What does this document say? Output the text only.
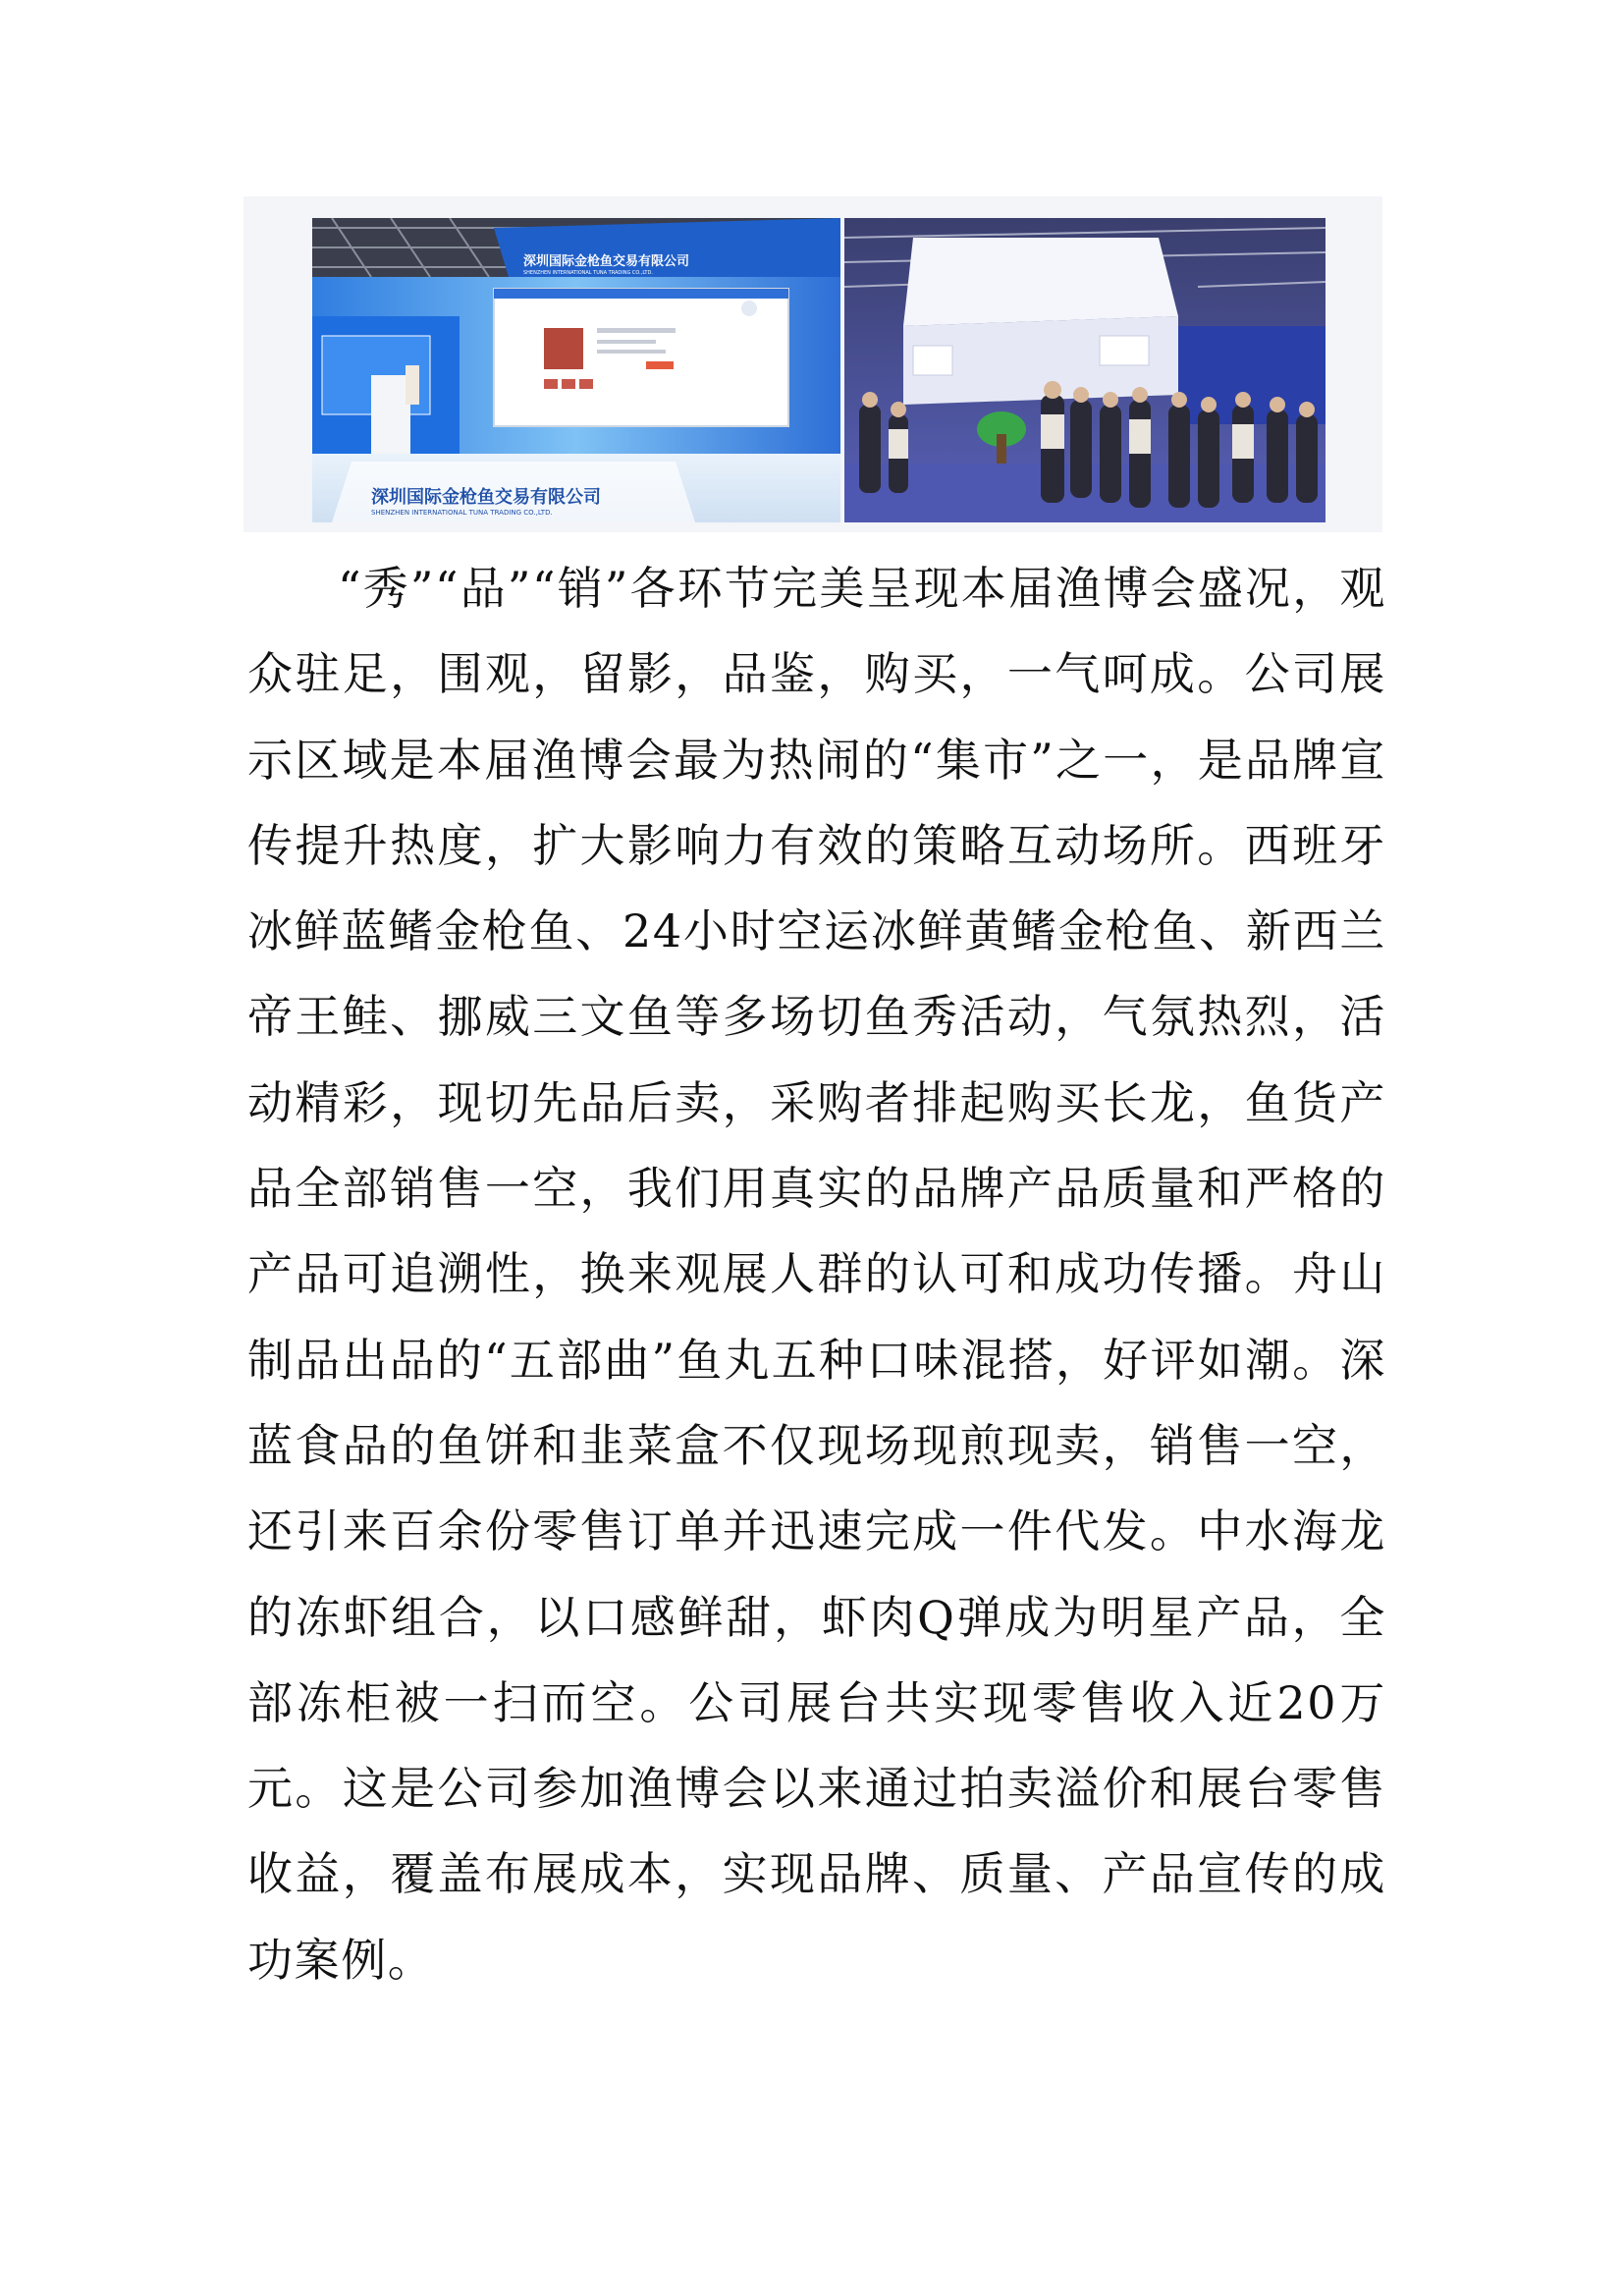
深圳国际金枪鱼交易有限公司
SHENZHEN INTERNATIONAL TUNA TRADING CO.,LTD.
深圳国际金枪鱼交易有限公司
SHENZHEN INTERNATIONAL TUNA TRADING CO.,LTD.

“秀”“品”“销”各环节完美呈现本届渔博会盛况，观众驻足，围观，留影，品鉴，购买，一气呵成。公司展示区域是本届渔博会最为热闹的“集市”之一，是品牌宣传提升热度，扩大影响力有效的策略互动场所。西班牙冰鲜蓝鳍金枪鱼、24小时空运冰鲜黄鳍金枪鱼、新西兰帝王鲑、挪威三文鱼等多场切鱼秀活动，气氛热烈，活动精彩，现切先品后卖，采购者排起购买长龙，鱼货产品全部销售一空，我们用真实的品牌产品质量和严格的产品可追溯性，换来观展人群的认可和成功传播。舟山制品出品的“五部曲”鱼丸五种口味混搭，好评如潮。深蓝食品的鱼饼和韭菜盒不仅现场现煎现卖，销售一空，还引来百余份零售订单并迅速完成一件代发。中水海龙的冻虾组合，以口感鲜甜，虾肉Q弹成为明星产品，全部冻柜被一扫而空。公司展台共实现零售收入近20万元。这是公司参加渔博会以来通过拍卖溢价和展台零售收益，覆盖布展成本，实现品牌、质量、产品宣传的成功案例。
